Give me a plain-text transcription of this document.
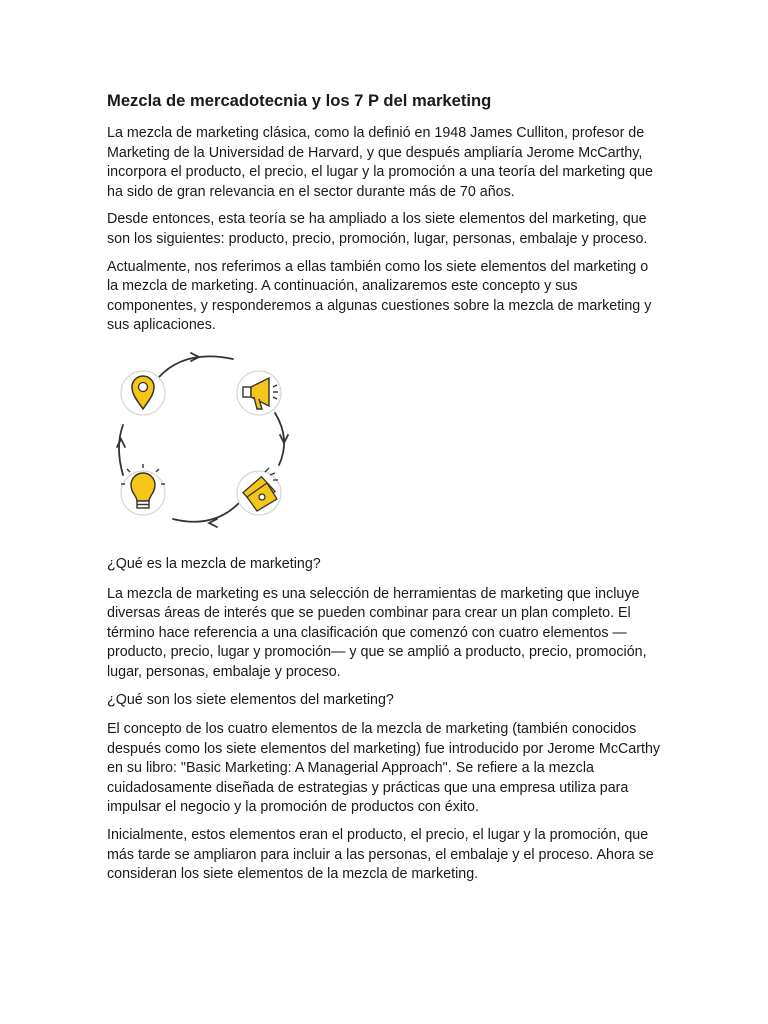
Mezcla de mercadotecnia y los 7 P del marketing

La mezcla de marketing clásica, como la definió en 1948 James Culliton, profesor de Marketing de la Universidad de Harvard, y que después ampliaría Jerome McCarthy, incorpora el producto, el precio, el lugar y la promoción a una teoría del marketing que ha sido de gran relevancia en el sector durante más de 70 años.

Desde entonces, esta teoría se ha ampliado a los siete elementos del marketing, que son los siguientes: producto, precio, promoción, lugar, personas, embalaje y proceso.

Actualmente, nos referimos a ellas también como los siete elementos del marketing o la mezcla de marketing. A continuación, analizaremos este concepto y sus componentes, y responderemos a algunas cuestiones sobre la mezcla de marketing y sus aplicaciones.

¿Qué es la mezcla de marketing?

La mezcla de marketing es una selección de herramientas de marketing que incluye diversas áreas de interés que se pueden combinar para crear un plan completo. El término hace referencia a una clasificación que comenzó con cuatro elementos —producto, precio, lugar y promoción— y que se amplió a producto, precio, promoción, lugar, personas, embalaje y proceso.

¿Qué son los siete elementos del marketing?

El concepto de los cuatro elementos de la mezcla de marketing (también conocidos después como los siete elementos del marketing) fue introducido por Jerome McCarthy en su libro: "Basic Marketing: A Managerial Approach". Se refiere a la mezcla cuidadosamente diseñada de estrategias y prácticas que una empresa utiliza para impulsar el negocio y la promoción de productos con éxito.

Inicialmente, estos elementos eran el producto, el precio, el lugar y la promoción, que más tarde se ampliaron para incluir a las personas, el embalaje y el proceso. Ahora se consideran los siete elementos de la mezcla de marketing.
